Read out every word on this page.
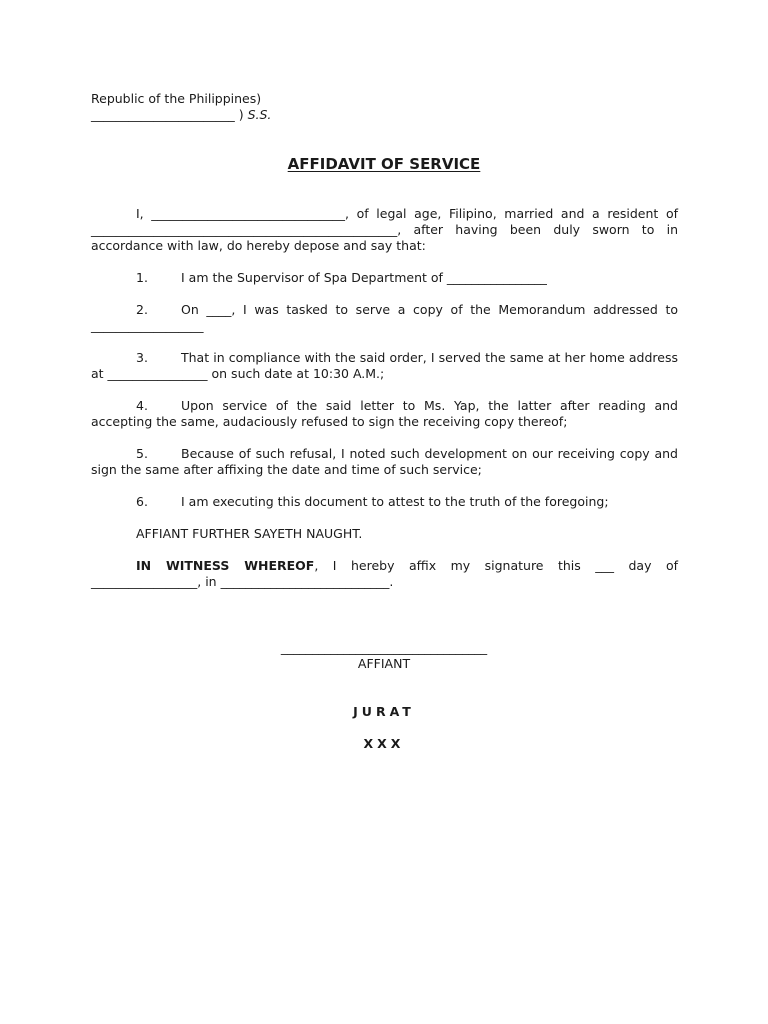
Republic of the Philippines)
_______________________ ) S.S.
AFFIDAVIT OF SERVICE
I, _______________________________, of legal age, Filipino, married and a resident of
_________________________________________________, after having been duly sworn to in
accordance with law, do hereby depose and say that:
1.	I am the Supervisor of Spa Department of ________________
2.	On ____, I was tasked to serve a copy of the Memorandum addressed to
__________________
3.	That in compliance with the said order, I served the same at her home address
at ________________ on such date at 10:30 A.M.;
4.	Upon service of the said letter to Ms. Yap, the latter after reading and
accepting the same, audaciously refused to sign the receiving copy thereof;
5.	Because of such refusal, I noted such development on our receiving copy and
sign the same after affixing the date and time of such service;
6.	I am executing this document to attest to the truth of the foregoing;
AFFIANT FURTHER SAYETH NAUGHT.
IN WITNESS WHEREOF, I hereby affix my signature this ___ day of
_________________, in ___________________________.
_________________________________
AFFIANT
JURAT
XXX
